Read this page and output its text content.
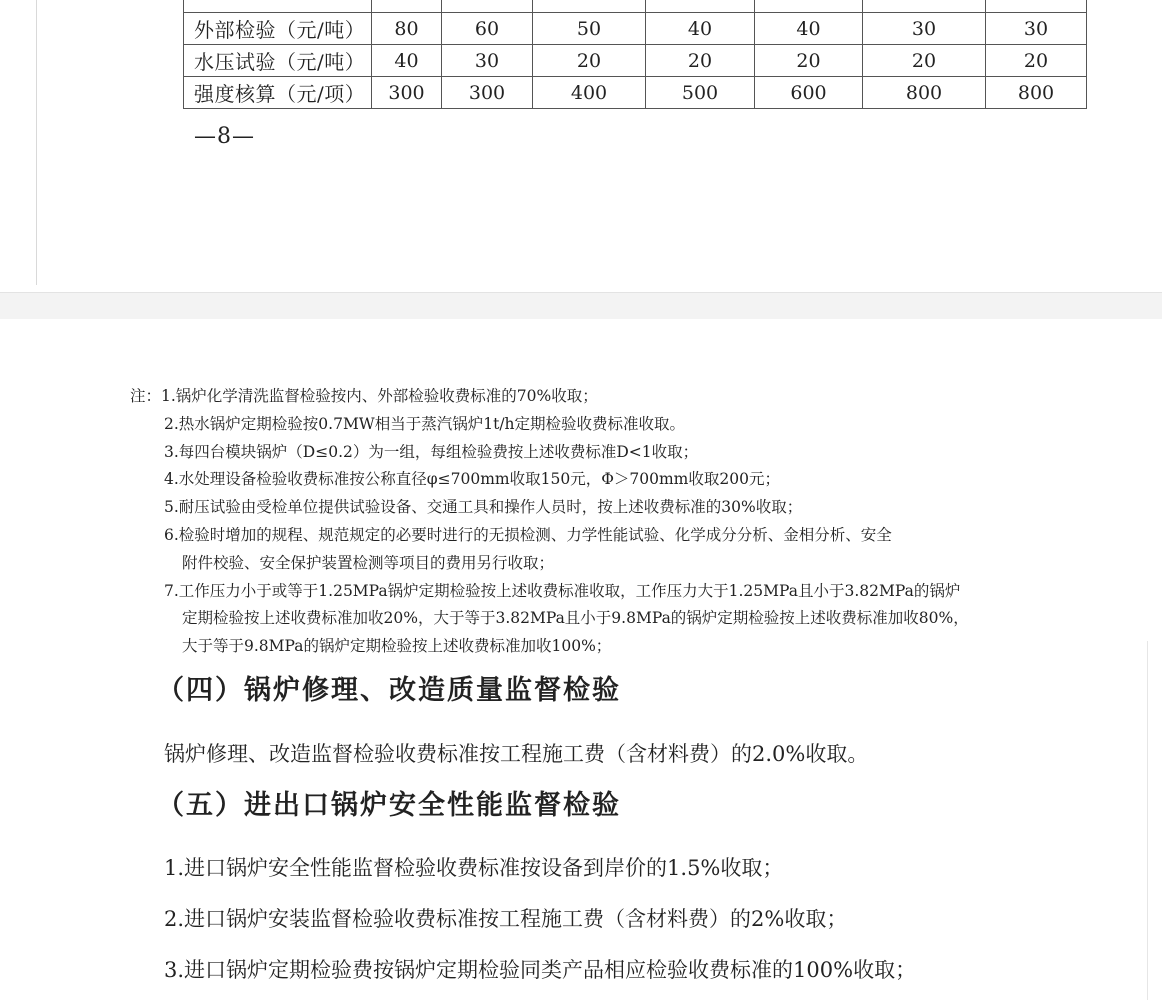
外部检验（元/吨）	80	60	50	40	40	30	30
水压试验（元/吨）	40	30	20	20	20	20	20
强度核算（元/项）	300	300	400	500	600	800	800
—8—
注：1.锅炉化学清洗监督检验按内、外部检验收费标准的70%收取；
2.热水锅炉定期检验按0.7MW相当于蒸汽锅炉1t/h定期检验收费标准收取。
3.每四台模块锅炉（D≤0.2）为一组，每组检验费按上述收费标准D<1收取；
4.水处理设备检验收费标准按公称直径φ≤700mm收取150元，Φ＞700mm收取200元；
5.耐压试验由受检单位提供试验设备、交通工具和操作人员时，按上述收费标准的30%收取；
6.检验时增加的规程、规范规定的必要时进行的无损检测、力学性能试验、化学成分分析、金相分析、安全
附件校验、安全保护装置检测等项目的费用另行收取；
7.工作压力小于或等于1.25MPa锅炉定期检验按上述收费标准收取，工作压力大于1.25MPa且小于3.82MPa的锅炉
定期检验按上述收费标准加收20%，大于等于3.82MPa且小于9.8MPa的锅炉定期检验按上述收费标准加收80%，
大于等于9.8MPa的锅炉定期检验按上述收费标准加收100%；
（四）锅炉修理、改造质量监督检验
锅炉修理、改造监督检验收费标准按工程施工费（含材料费）的2.0%收取。
（五）进出口锅炉安全性能监督检验
1.进口锅炉安全性能监督检验收费标准按设备到岸价的1.5%收取；
2.进口锅炉安装监督检验收费标准按工程施工费（含材料费）的2%收取；
3.进口锅炉定期检验费按锅炉定期检验同类产品相应检验收费标准的100%收取；
